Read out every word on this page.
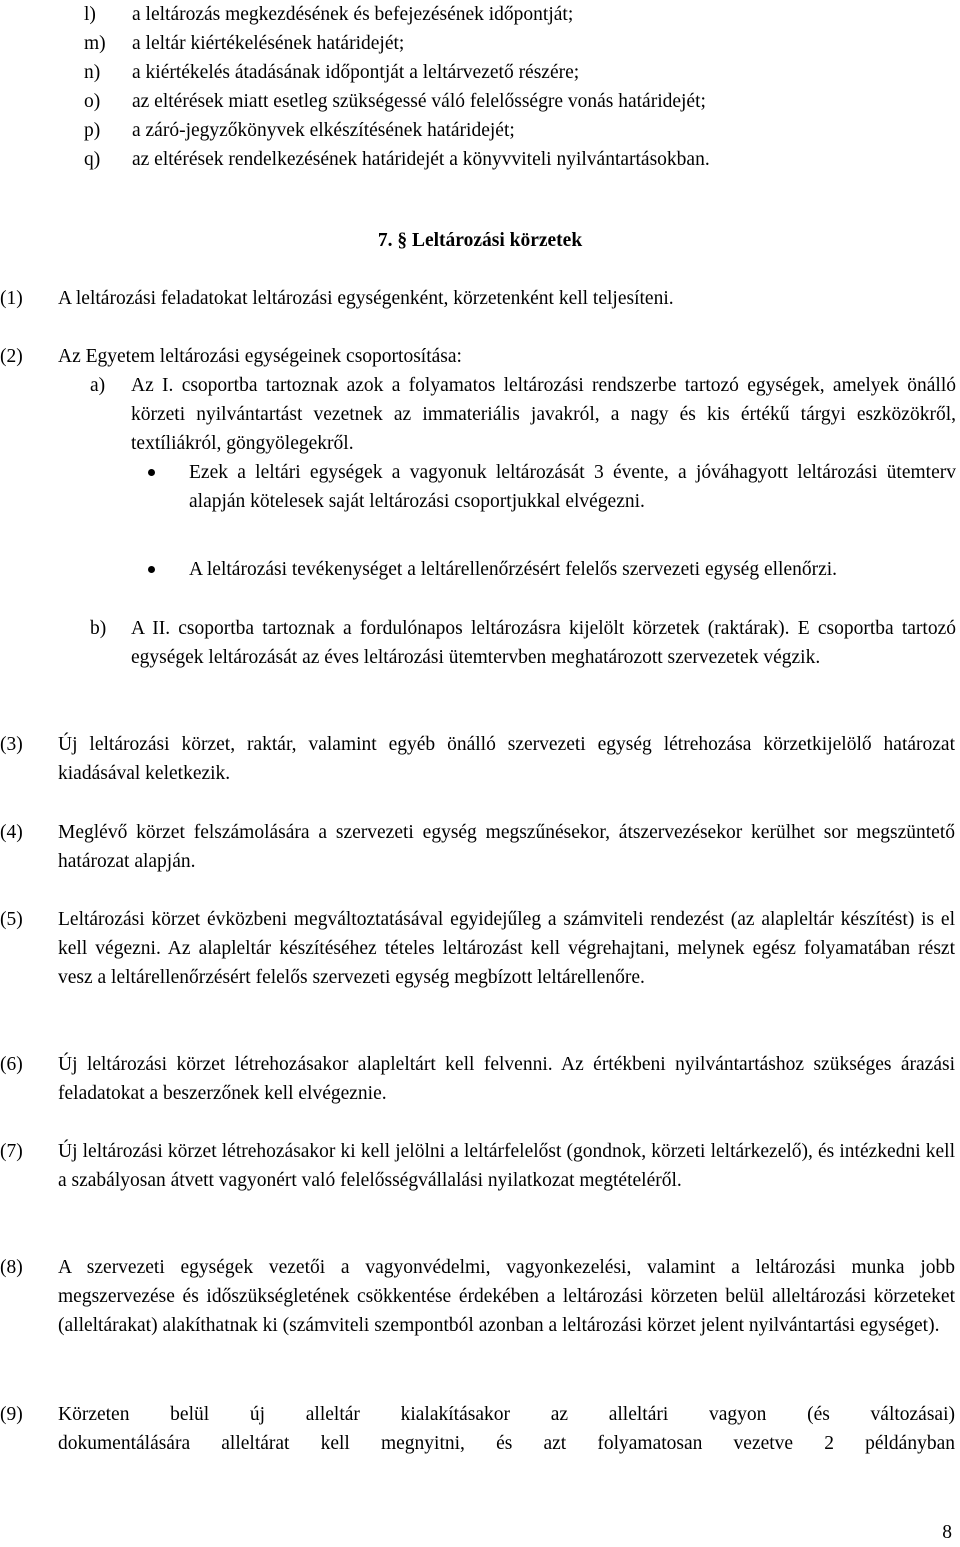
l)	a leltározás megkezdésének és befejezésének időpontját;
m)	a leltár kiértékelésének határidejét;
n)	a kiértékelés átadásának időpontját a leltárvezető részére;
o)	az eltérések miatt esetleg szükségessé váló felelősségre vonás határidejét;
p)	a záró-jegyzőkönyvek elkészítésének határidejét;
q)	az eltérések rendelkezésének határidejét a könyvviteli nyilvántartásokban.
7. § Leltározási körzetek
(1)	A leltározási feladatokat leltározási egységenként, körzetenként kell teljesíteni.
(2)	Az Egyetem leltározási egységeinek csoportosítása:
a) Az I. csoportba tartoznak azok a folyamatos leltározási rendszerbe tartozó egységek, amelyek önálló körzeti nyilvántartást vezetnek az immateriális javakról, a nagy és kis értékű tárgyi eszközökről, textíliákról, göngyölegekről.
Ezek a leltári egységek a vagyonuk leltározását 3 évente, a jóváhagyott leltározási ütemterv alapján kötelesek saját leltározási csoportjukkal elvégezni.
A leltározási tevékenységet a leltárellenőrzésért felelős szervezeti egység ellenőrzi.
b) A II. csoportba tartoznak a fordulónapos leltározásra kijelölt körzetek (raktárak). E csoportba tartozó egységek leltározását az éves leltározási ütemtervben meghatározott szervezetek végzik.
(3)	Új leltározási körzet, raktár, valamint egyéb önálló szervezeti egység létrehozása körzetkijelölő határozat kiadásával keletkezik.
(4)	Meglévő körzet felszámolására a szervezeti egység megszűnésekor, átszervezésekor kerülhet sor megszüntető határozat alapján.
(5)	Leltározási körzet évközbeni megváltoztatásával egyidejűleg a számviteli rendezést (az alapleltár készítést) is el kell végezni. Az alapleltár készítéséhez tételes leltározást kell végrehajtani, melynek egész folyamatában részt vesz a leltárellenőrzésért felelős szervezeti egység megbízott leltárellenőre.
(6)	Új leltározási körzet létrehozásakor alapleltárt kell felvenni. Az értékbeni nyilvántartáshoz szükséges árazási feladatokat a beszerzőnek kell elvégeznie.
(7)	Új leltározási körzet létrehozásakor ki kell jelölni a leltárfelelőst (gondnok, körzeti leltárkezelő), és intézkedni kell a szabályosan átvett vagyonért való felelősségvállalási nyilatkozat megtételéről.
(8)	A szervezeti egységek vezetői a vagyonvédelmi, vagyonkezelési, valamint a leltározási munka jobb megszervezése és időszükségletének csökkentése érdekében a leltározási körzeten belül alleltározási körzeteket (alleltárakat) alakíthatnak ki (számviteli szempontból azonban a leltározási körzet jelent nyilvántartási egységet).
(9)	Körzeten belül új alleltár kialakításakor az alleltári vagyon (és változásai)
dokumentálására alleltárat kell megnyitni, és azt folyamatosan vezetve 2 példányban
8
